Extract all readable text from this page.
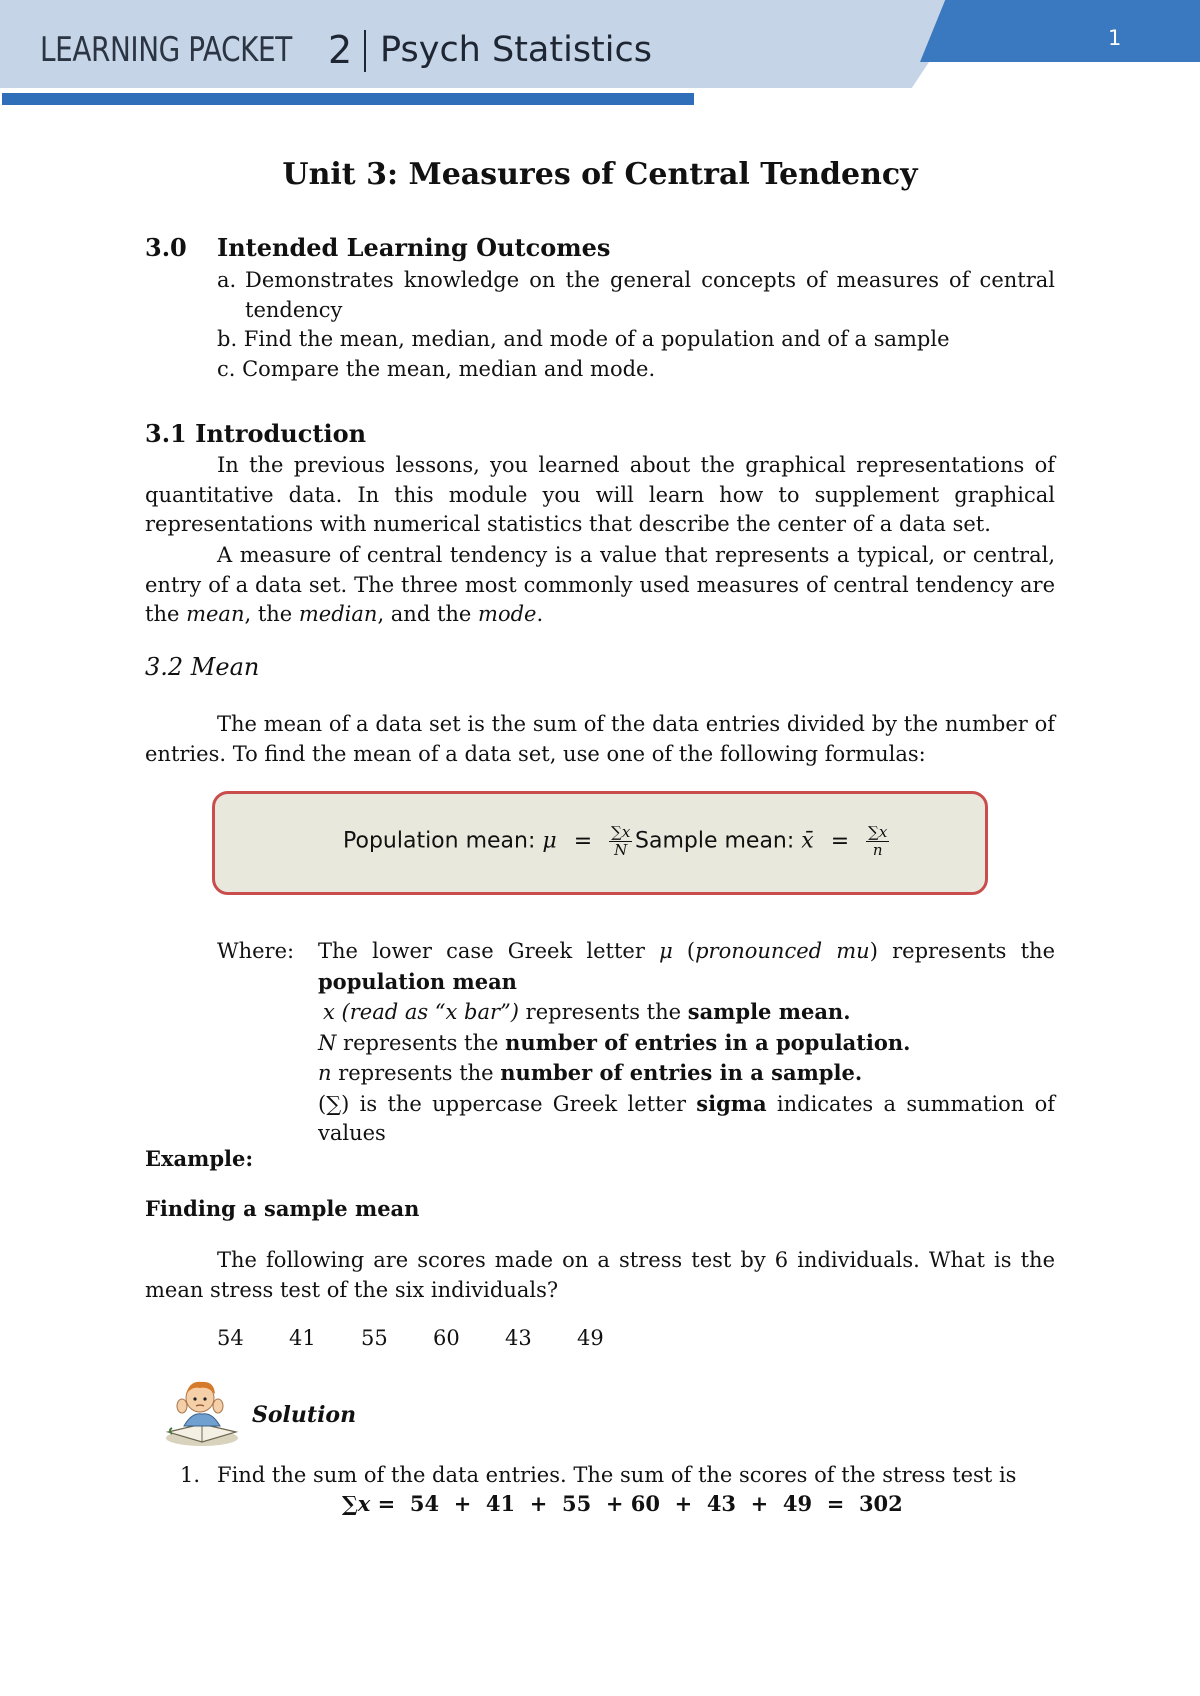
LEARNING PACKET 2 Psych Statistics	1
Unit 3: Measures of Central Tendency
3.0 Intended Learning Outcomes
a. Demonstrates knowledge on the general concepts of measures of central
tendency
b. Find the mean, median, and mode of a population and of a sample
c. Compare the mean, median and mode.
3.1 Introduction
In the previous lessons, you learned about the graphical representations of
quantitative data. In this module you will learn how to supplement graphical
representations with numerical statistics that describe the center of a data set.
A measure of central tendency is a value that represents a typical, or central,
entry of a data set. The three most commonly used measures of central tendency are
the mean, the median, and the mode.
3.2 Mean
The mean of a data set is the sum of the data entries divided by the number of
entries. To find the mean of a data set, use one of the following formulas:
Population mean: $\mu = \frac{\sum x}{N}$ Sample mean: x̄ = $\frac{\sum x}{n}$
Where: The lower case Greek letter μ (pronounced mu) represents the
population mean
x (read as “x bar”) represents the sample mean.
N represents the number of entries in a population.
n represents the number of entries in a sample.
(∑) is the uppercase Greek letter sigma indicates a summation of
values
Example:
Finding a sample mean
The following are scores made on a stress test by 6 individuals. What is the
mean stress test of the six individuals?
54 41 55 60 43 49
Solution
1. Find the sum of the data entries. The sum of the scores of the stress test is
∑x =  54  +  41  +  55  + 60  +  43  +  49  =  302
